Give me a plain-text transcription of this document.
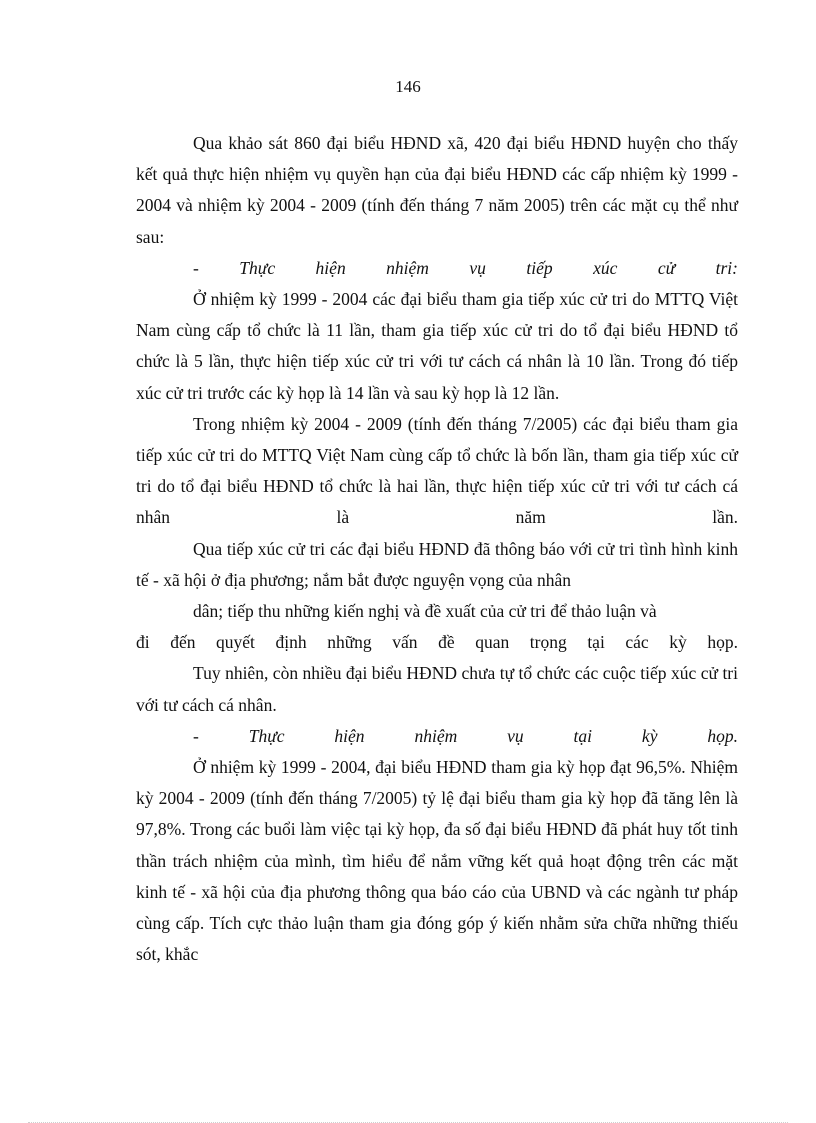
146

Qua khảo sát 860 đại biểu HĐND xã, 420 đại biểu HĐND huyện cho thấy kết quả thực hiện nhiệm vụ quyền hạn của đại biểu HĐND các cấp nhiệm kỳ 1999 - 2004 và nhiệm kỳ 2004 - 2009 (tính đến tháng 7 năm 2005) trên các mặt cụ thể như sau:

- Thực hiện nhiệm vụ tiếp xúc cử tri:

Ở nhiệm kỳ 1999 - 2004 các đại biểu tham gia tiếp xúc cử tri do MTTQ Việt Nam cùng cấp tổ chức là 11 lần, tham gia tiếp xúc cử tri do tổ đại biểu HĐND tổ chức là 5 lần, thực hiện tiếp xúc cử tri với tư cách cá nhân là 10 lần. Trong đó tiếp xúc cử tri trước các kỳ họp là 14 lần và sau kỳ họp là 12 lần.

Trong nhiệm kỳ 2004 - 2009 (tính đến tháng 7/2005) các đại biểu tham gia tiếp xúc cử tri do MTTQ Việt Nam cùng cấp tổ chức là bốn lần, tham gia tiếp xúc cử tri do tổ đại biểu HĐND tổ chức là hai lần, thực hiện tiếp xúc cử tri với tư cách cá nhân là năm lần.

Qua tiếp xúc cử tri các đại biểu HĐND đã thông báo với cử tri tình hình kinh tế - xã hội ở địa phương; nắm bắt được nguyện vọng của nhân

dân; tiếp thu những kiến nghị và đề xuất của cử tri để thảo luận và

đi đến quyết định những vấn đề quan trọng tại các kỳ họp.

Tuy nhiên, còn nhiều đại biểu HĐND chưa tự tổ chức các cuộc tiếp xúc cử tri với tư cách cá nhân.

-	Thực hiện nhiệm vụ tại kỳ họp.

Ở nhiệm kỳ 1999 - 2004, đại biểu HĐND tham gia kỳ họp đạt 96,5%. Nhiệm kỳ 2004 - 2009 (tính đến tháng 7/2005) tỷ lệ đại biểu tham gia kỳ họp đã tăng lên là 97,8%. Trong các buổi làm việc tại kỳ họp, đa số đại biểu HĐND đã phát huy tốt tinh thần trách nhiệm của mình, tìm hiểu để nắm vững kết quả hoạt động trên các mặt kinh tế - xã hội của địa phương thông qua báo cáo của UBND và các ngành tư pháp cùng cấp. Tích cực thảo luận tham gia đóng góp ý kiến nhằm sửa chữa những thiếu sót, khắc
